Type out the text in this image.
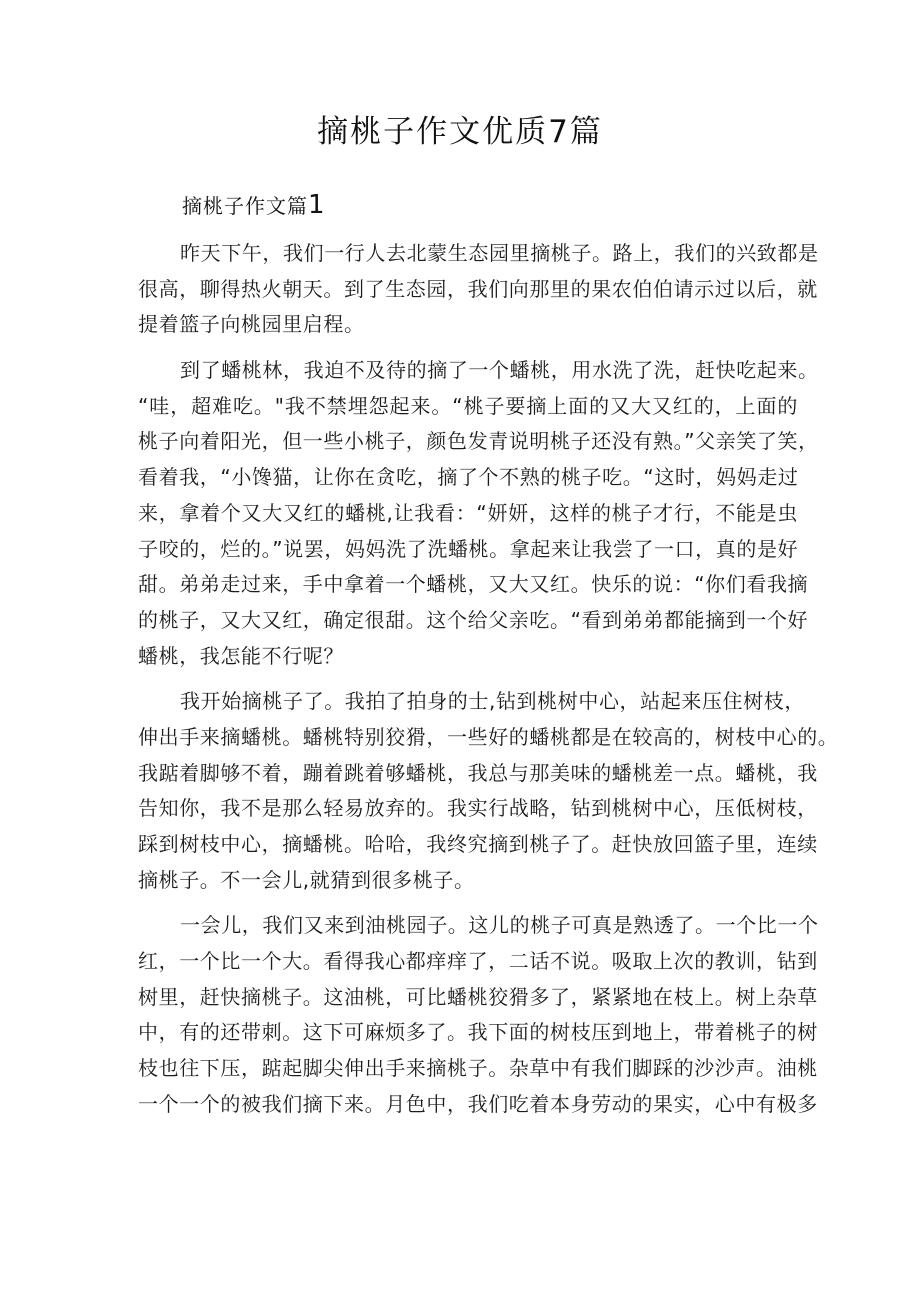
摘桃子作文优质7篇
摘桃子作文篇1

昨天下午，我们一行人去北蒙生态园里摘桃子。路上，我们的兴致都是
很高，聊得热火朝天。到了生态园，我们向那里的果农伯伯请示过以后，就
提着篮子向桃园里启程。

到了蟠桃林，我迫不及待的摘了一个蟠桃，用水洗了洗，赶快吃起来。
“哇，超难吃。"我不禁埋怨起来。“桃子要摘上面的又大又红的，上面的
桃子向着阳光，但一些小桃子，颜色发青说明桃子还没有熟。”父亲笑了笑，
看着我，“小馋猫，让你在贪吃，摘了个不熟的桃子吃。“这时，妈妈走过
来，拿着个又大又红的蟠桃,让我看：“妍妍，这样的桃子才行，不能是虫
子咬的，烂的。”说罢，妈妈洗了洗蟠桃。拿起来让我尝了一口，真的是好
甜。弟弟走过来，手中拿着一个蟠桃，又大又红。快乐的说：“你们看我摘
的桃子，又大又红，确定很甜。这个给父亲吃。“看到弟弟都能摘到一个好
蟠桃，我怎能不行呢？

我开始摘桃子了。我拍了拍身的士,钻到桃树中心，站起来压住树枝，
伸出手来摘蟠桃。蟠桃特别狡猾，一些好的蟠桃都是在较高的，树枝中心的。
我踮着脚够不着，蹦着跳着够蟠桃，我总与那美味的蟠桃差一点。蟠桃，我
告知你，我不是那么轻易放弃的。我实行战略，钻到桃树中心，压低树枝，
踩到树枝中心，摘蟠桃。哈哈，我终究摘到桃子了。赶快放回篮子里，连续
摘桃子。不一会儿,就猜到很多桃子。

一会儿，我们又来到油桃园子。这儿的桃子可真是熟透了。一个比一个
红，一个比一个大。看得我心都痒痒了，二话不说。吸取上次的教训，钻到
树里，赶快摘桃子。这油桃，可比蟠桃狡猾多了，紧紧地在枝上。树上杂草
中，有的还带刺。这下可麻烦多了。我下面的树枝压到地上，带着桃子的树
枝也往下压，踮起脚尖伸出手来摘桃子。杂草中有我们脚踩的沙沙声。油桃
一个一个的被我们摘下来。月色中，我们吃着本身劳动的果实，心中有极多
